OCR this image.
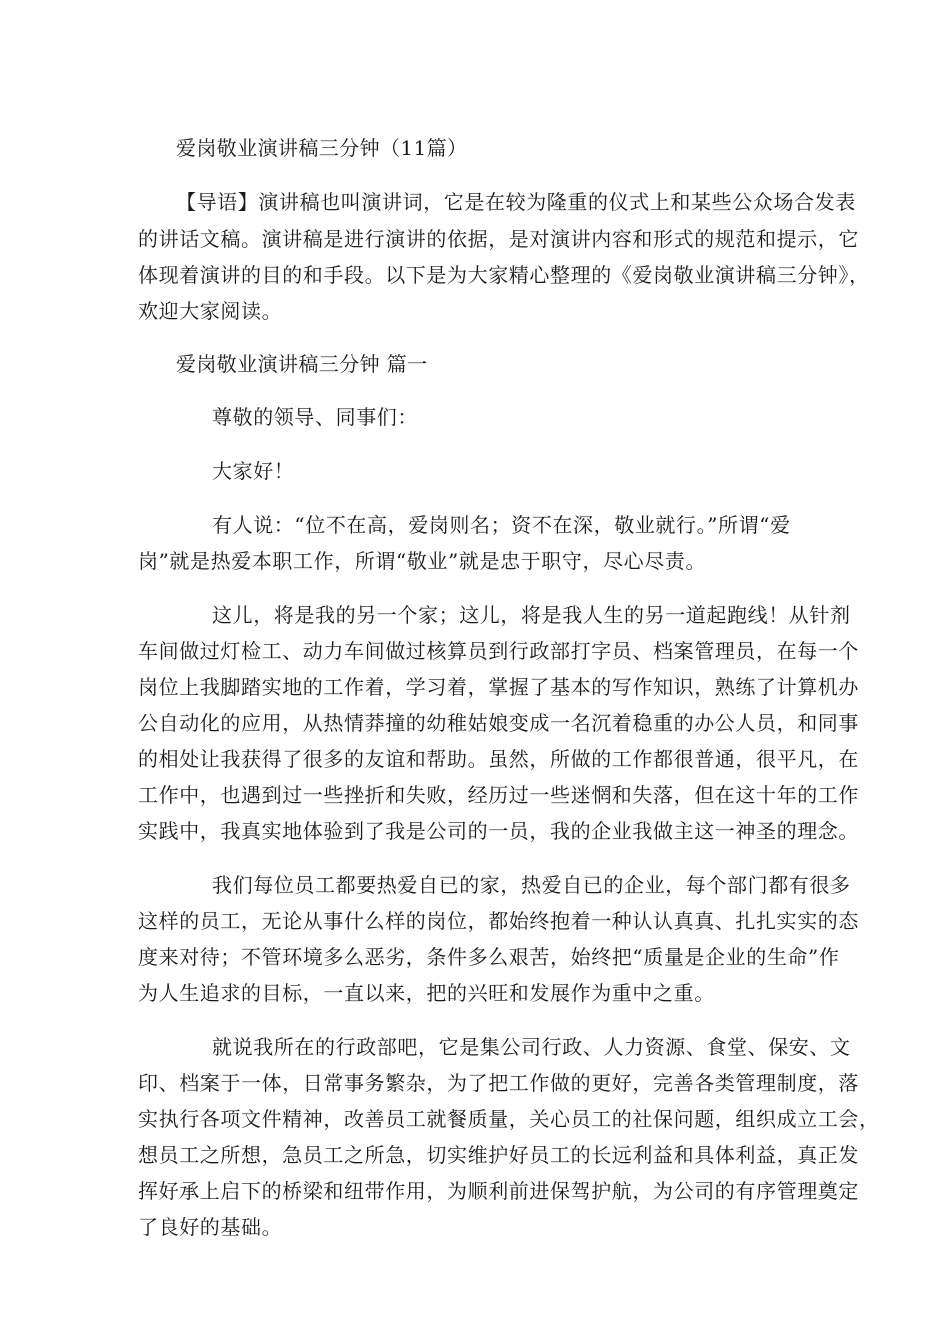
爱岗敬业演讲稿三分钟（11篇）
【导语】演讲稿也叫演讲词，它是在较为隆重的仪式上和某些公众场合发表
的讲话文稿。演讲稿是进行演讲的依据，是对演讲内容和形式的规范和提示，它
体现着演讲的目的和手段。以下是为大家精心整理的《爱岗敬业演讲稿三分钟》，
欢迎大家阅读。
爱岗敬业演讲稿三分钟 篇一
尊敬的领导、同事们：
大家好！
有人说：“位不在高，爱岗则名；资不在深，敬业就行。”所谓“爱
岗”就是热爱本职工作，所谓“敬业”就是忠于职守，尽心尽责。
这儿，将是我的另一个家；这儿，将是我人生的另一道起跑线！从针剂
车间做过灯检工、动力车间做过核算员到行政部打字员、档案管理员，在每一个
岗位上我脚踏实地的工作着，学习着，掌握了基本的写作知识，熟练了计算机办
公自动化的应用，从热情莽撞的幼稚姑娘变成一名沉着稳重的办公人员，和同事
的相处让我获得了很多的友谊和帮助。虽然，所做的工作都很普通，很平凡，在
工作中，也遇到过一些挫折和失败，经历过一些迷惘和失落，但在这十年的工作
实践中，我真实地体验到了我是公司的一员，我的企业我做主这一神圣的理念。
我们每位员工都要热爱自已的家，热爱自已的企业，每个部门都有很多
这样的员工，无论从事什么样的岗位，都始终抱着一种认认真真、扎扎实实的态
度来对待；不管环境多么恶劣，条件多么艰苦，始终把“质量是企业的生命”作
为人生追求的目标，一直以来，把的兴旺和发展作为重中之重。
就说我所在的行政部吧，它是集公司行政、人力资源、食堂、保安、文
印、档案于一体，日常事务繁杂，为了把工作做的更好，完善各类管理制度，落
实执行各项文件精神，改善员工就餐质量，关心员工的社保问题，组织成立工会，
想员工之所想，急员工之所急，切实维护好员工的长远利益和具体利益，真正发
挥好承上启下的桥梁和纽带作用，为顺利前进保驾护航，为公司的有序管理奠定
了良好的基础。
